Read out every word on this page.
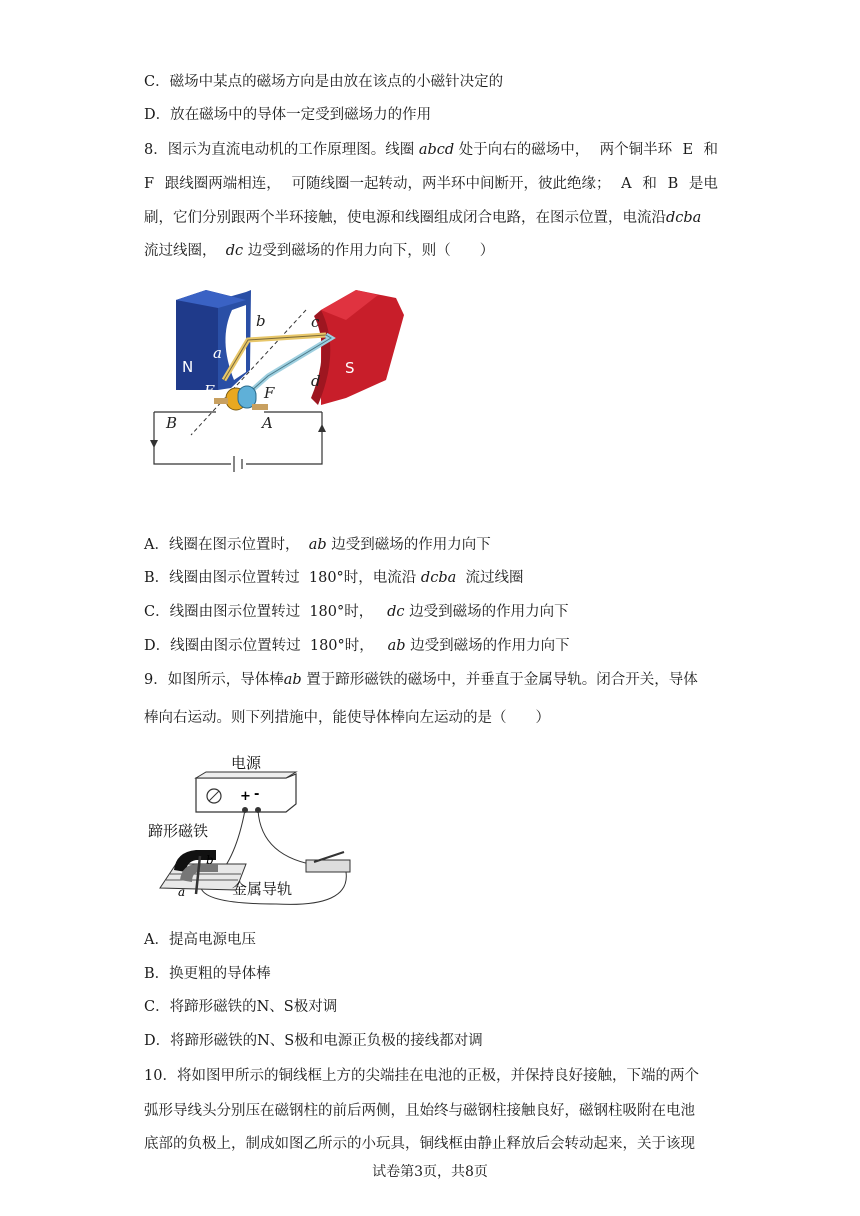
C．磁场中某点的磁场方向是由放在该点的小磁针决定的
D．放在磁场中的导体一定受到磁场力的作用
8．图示为直流电动机的工作原理图。线圈 abcd 处于向右的磁场中， 两个铜半环 E 和
F 跟线圈两端相连， 可随线圈一起转动，两半环中间断开，彼此绝缘； A 和 B 是电
刷，它们分别跟两个半环接触，使电源和线圈组成闭合电路，在图示位置，电流沿dcba
流过线圈， dc 边受到磁场的作用力向下，则（　　）
N	S
a
b	c
d
E	F
B	A
A．线圈在图示位置时， ab 边受到磁场的作用力向下
B．线圈由图示位置转过 180°时，电流沿 dcba 流过线圈
C．线圈由图示位置转过 180°时， dc 边受到磁场的作用力向下
D．线圈由图示位置转过 180°时， ab 边受到磁场的作用力向下
9．如图所示，导体棒ab 置于蹄形磁铁的磁场中，并垂直于金属导轨。闭合开关，导体
棒向右运动。则下列措施中，能使导体棒向左运动的是（　　）
电源
+ -
蹄形磁铁
b
a	金属导轨
A．提高电源电压
B．换更粗的导体棒
C．将蹄形磁铁的N、S极对调
D．将蹄形磁铁的N、S极和电源正负极的接线都对调
10．将如图甲所示的铜线框上方的尖端挂在电池的正极，并保持良好接触，下端的两个
弧形导线头分别压在磁钢柱的前后两侧，且始终与磁钢柱接触良好，磁钢柱吸附在电池
底部的负极上，制成如图乙所示的小玩具，铜线框由静止释放后会转动起来，关于该现
试卷第3页，共8页
